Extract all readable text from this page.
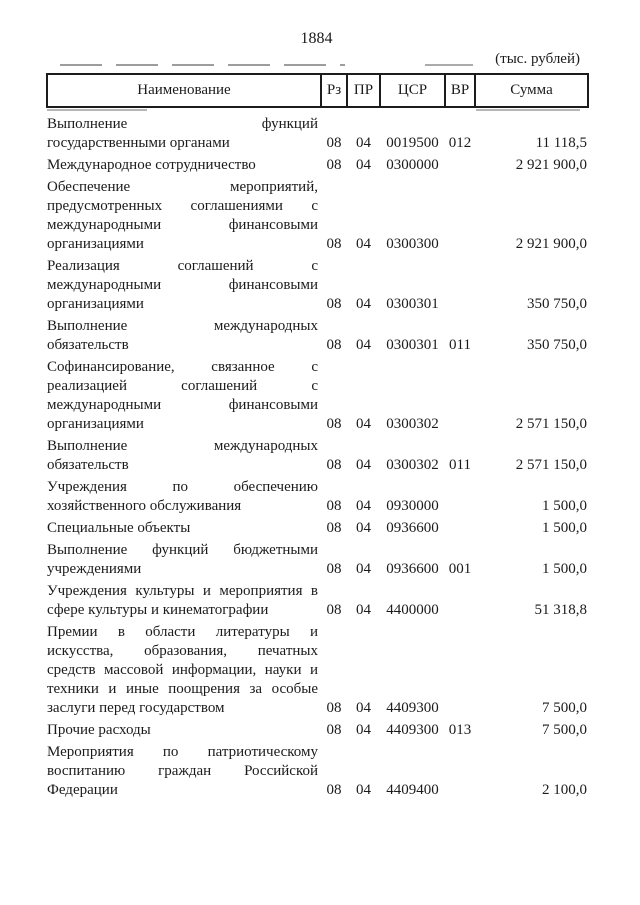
1884
(тыс. рублей)
Наименование	Рз	ПР	ЦСР	ВР	Сумма

Выполнение функций
государственными органами	08	04	0019500	012	11 118,5

Международное сотрудничество	08	04	0300000		2 921 900,0

Обеспечение мероприятий,
предусмотренных соглашениями с
международными финансовыми
организациями	08	04	0300300		2 921 900,0

Реализация соглашений с
международными финансовыми
организациями	08	04	0300301		350 750,0

Выполнение международных
обязательств	08	04	0300301	011	350 750,0

Софинансирование, связанное с
реализацией соглашений с
международными финансовыми
организациями	08	04	0300302		2 571 150,0

Выполнение международных
обязательств	08	04	0300302	011	2 571 150,0

Учреждения по обеспечению
хозяйственного обслуживания	08	04	0930000		1 500,0

Специальные объекты	08	04	0936600		1 500,0

Выполнение функций бюджетными
учреждениями	08	04	0936600	001	1 500,0

Учреждения культуры и мероприятия в
сфере культуры и кинематографии	08	04	4400000		51 318,8

Премии в области литературы и
искусства, образования, печатных
средств массовой информации, науки и
техники и иные поощрения за особые
заслуги перед государством	08	04	4409300		7 500,0

Прочие расходы	08	04	4409300	013	7 500,0

Мероприятия по патриотическому
воспитанию граждан Российской
Федерации	08	04	4409400		2 100,0
